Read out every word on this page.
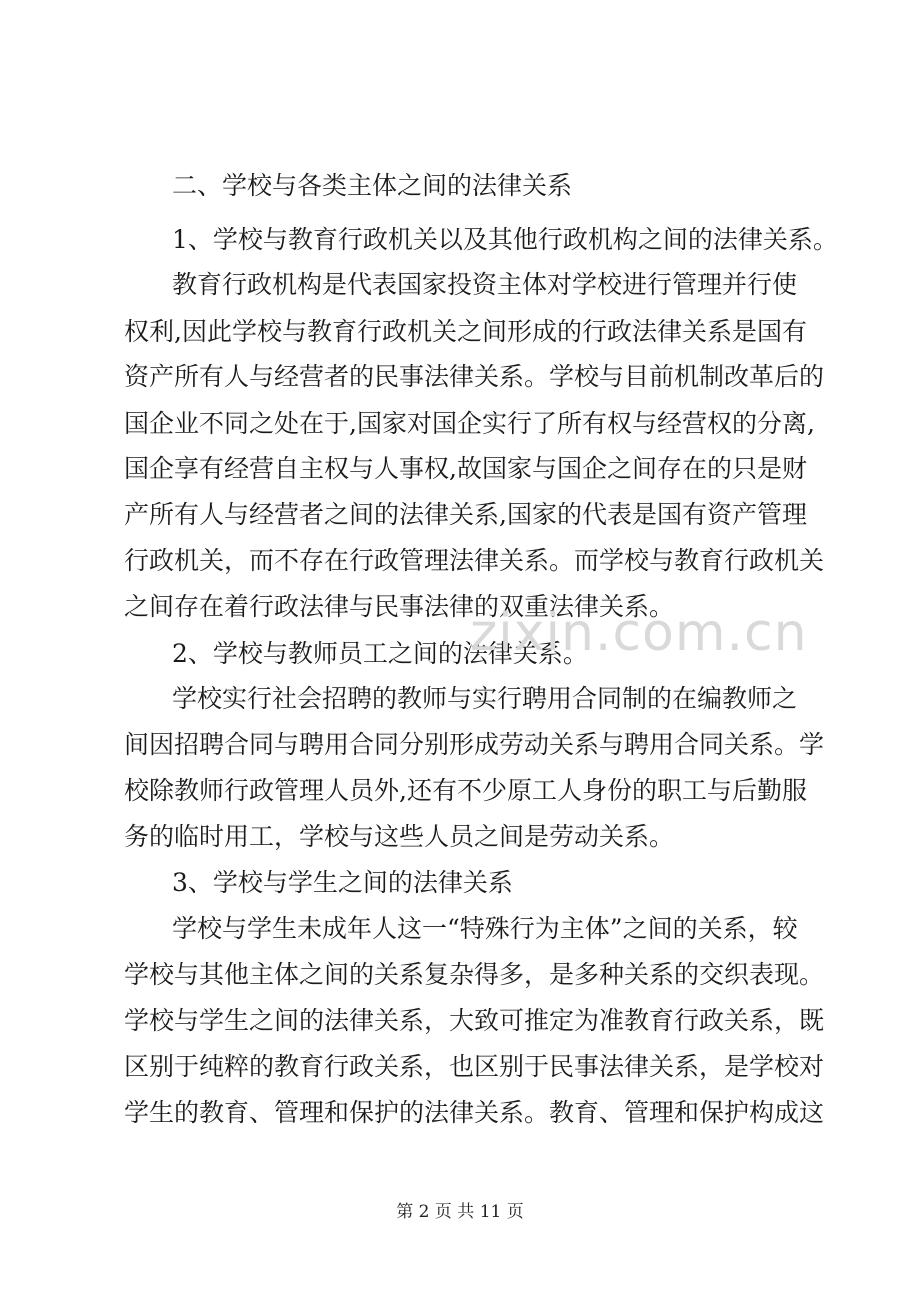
二、学校与各类主体之间的法律关系
1、学校与教育行政机关以及其他行政机构之间的法律关系。
教育行政机构是代表国家投资主体对学校进行管理并行使
权利,因此学校与教育行政机关之间形成的行政法律关系是国有
资产所有人与经营者的民事法律关系。学校与目前机制改革后的
国企业不同之处在于,国家对国企实行了所有权与经营权的分离,
国企享有经营自主权与人事权,故国家与国企之间存在的只是财
产所有人与经营者之间的法律关系,国家的代表是国有资产管理
行政机关，而不存在行政管理法律关系。而学校与教育行政机关
之间存在着行政法律与民事法律的双重法律关系。
2、学校与教师员工之间的法律关系。
学校实行社会招聘的教师与实行聘用合同制的在编教师之
间因招聘合同与聘用合同分别形成劳动关系与聘用合同关系。学
校除教师行政管理人员外,还有不少原工人身份的职工与后勤服
务的临时用工，学校与这些人员之间是劳动关系。
3、学校与学生之间的法律关系
学校与学生未成年人这一“特殊行为主体”之间的关系，较
学校与其他主体之间的关系复杂得多，是多种关系的交织表现。
学校与学生之间的法律关系，大致可推定为准教育行政关系，既
区别于纯粹的教育行政关系，也区别于民事法律关系，是学校对
学生的教育、管理和保护的法律关系。教育、管理和保护构成这
zixin.com.cn
第 2 页 共 11 页
